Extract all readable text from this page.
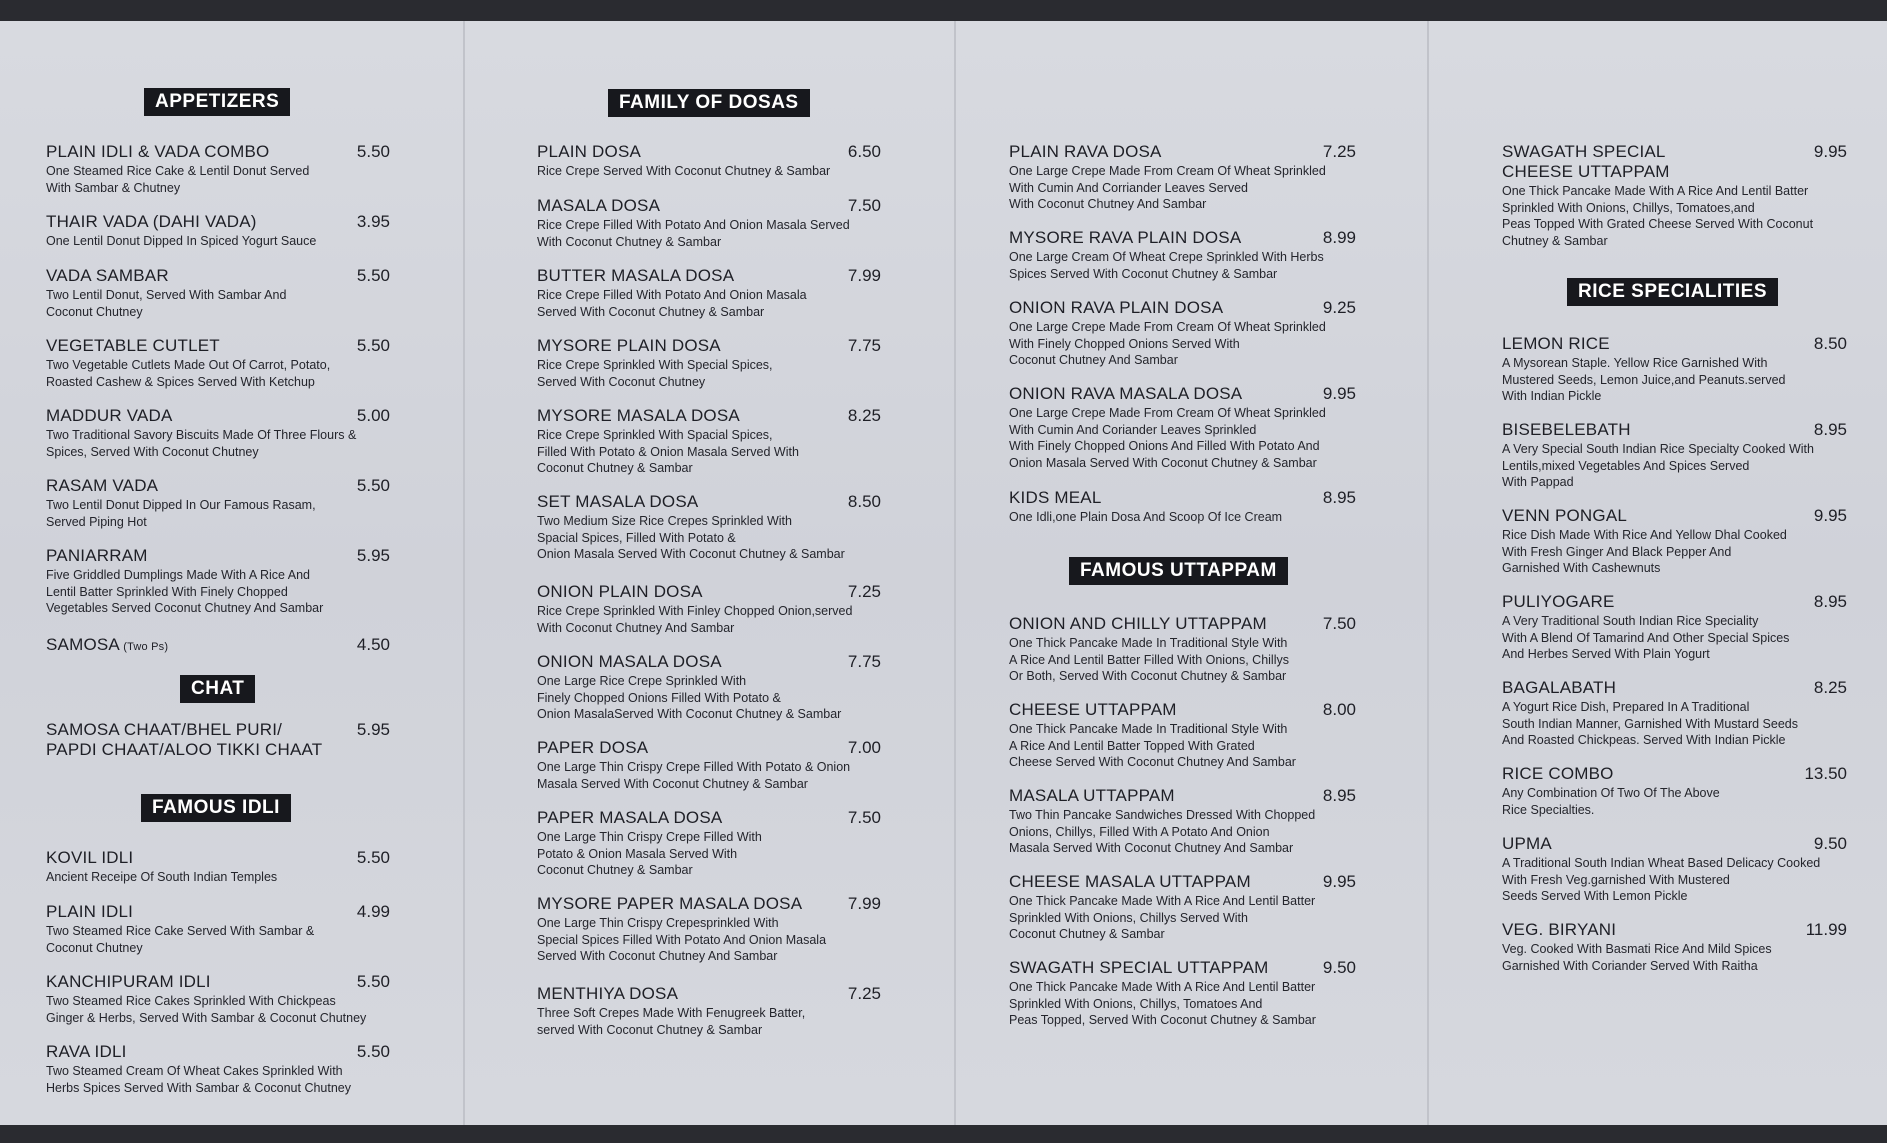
APPETIZERS
PLAIN IDLI & VADA COMBO	5.50
One Steamed Rice Cake & Lentil Donut Served
With Sambar & Chutney
THAIR VADA (DAHI VADA)	3.95
One Lentil Donut Dipped In Spiced Yogurt Sauce
VADA SAMBAR	5.50
Two Lentil Donut, Served With Sambar And
Coconut Chutney
VEGETABLE CUTLET	5.50
Two Vegetable Cutlets Made Out Of Carrot, Potato,
Roasted Cashew & Spices Served With Ketchup
MADDUR VADA	5.00
Two Traditional Savory Biscuits Made Of Three Flours &
Spices, Served With Coconut Chutney
RASAM VADA	5.50
Two Lentil Donut Dipped In Our Famous Rasam,
Served Piping Hot
PANIARRAM	5.95
Five Griddled Dumplings Made With A Rice And
Lentil Batter Sprinkled With Finely Chopped
Vegetables Served Coconut Chutney And Sambar
SAMOSA (Two Ps)	4.50
CHAT
SAMOSA CHAAT/BHEL PURI/
PAPDI CHAAT/ALOO TIKKI CHAAT
5.95
FAMOUS IDLI
KOVIL IDLI	5.50
Ancient Receipe Of South Indian Temples
PLAIN IDLI	4.99
Two Steamed Rice Cake Served With Sambar &
Coconut Chutney
KANCHIPURAM IDLI	5.50
Two Steamed Rice Cakes Sprinkled With Chickpeas
Ginger & Herbs, Served With Sambar & Coconut Chutney
RAVA IDLI	5.50
Two Steamed Cream Of Wheat Cakes Sprinkled With
Herbs Spices Served With Sambar & Coconut Chutney
FAMILY OF DOSAS
PLAIN DOSA	6.50
Rice Crepe Served With Coconut Chutney & Sambar
MASALA DOSA	7.50
Rice Crepe Filled With Potato And Onion Masala Served
With Coconut Chutney & Sambar
BUTTER MASALA DOSA	7.99
Rice Crepe Filled With Potato And Onion Masala
Served With Coconut Chutney & Sambar
MYSORE PLAIN DOSA	7.75
Rice Crepe Sprinkled With Special Spices,
Served With Coconut Chutney
MYSORE MASALA DOSA	8.25
Rice Crepe Sprinkled With Spacial Spices,
Filled With Potato & Onion Masala Served With
Coconut Chutney & Sambar
SET MASALA DOSA	8.50
Two Medium Size Rice Crepes Sprinkled With
Spacial Spices, Filled With Potato &
Onion Masala Served With Coconut Chutney & Sambar
ONION PLAIN DOSA	7.25
Rice Crepe Sprinkled With Finley Chopped Onion,served
With Coconut Chutney And Sambar
ONION MASALA DOSA	7.75
One Large Rice Crepe Sprinkled With
Finely Chopped Onions Filled With Potato &
Onion MasalaServed With Coconut Chutney & Sambar
PAPER DOSA	7.00
One Large Thin Crispy Crepe Filled With Potato & Onion
Masala Served With Coconut Chutney & Sambar
PAPER MASALA DOSA	7.50
One Large Thin Crispy Crepe Filled With
Potato & Onion Masala Served With
Coconut Chutney & Sambar
MYSORE PAPER MASALA DOSA	7.99
One Large Thin Crispy Crepesprinkled With
Special Spices Filled With Potato And Onion Masala
Served With Coconut Chutney And Sambar
MENTHIYA DOSA	7.25
Three Soft Crepes Made With Fenugreek Batter,
served With Coconut Chutney & Sambar
PLAIN RAVA DOSA	7.25
One Large Crepe Made From Cream Of Wheat Sprinkled
With Cumin And Corriander Leaves Served
With Coconut Chutney And Sambar
MYSORE RAVA PLAIN DOSA	8.99
One Large Cream Of Wheat Crepe Sprinkled With Herbs
Spices Served With Coconut Chutney & Sambar
ONION RAVA PLAIN DOSA	9.25
One Large Crepe Made From Cream Of Wheat Sprinkled
With Finely Chopped Onions Served With
Coconut Chutney And Sambar
ONION RAVA MASALA DOSA	9.95
One Large Crepe Made From Cream Of Wheat Sprinkled
With Cumin And Coriander Leaves Sprinkled
With Finely Chopped Onions And Filled With Potato And
Onion Masala Served With Coconut Chutney & Sambar
KIDS MEAL	8.95
One Idli,one Plain Dosa And Scoop Of Ice Cream
FAMOUS UTTAPPAM
ONION AND CHILLY UTTAPPAM	7.50
One Thick Pancake Made In Traditional Style With
A Rice And Lentil Batter Filled With Onions, Chillys
Or Both, Served With Coconut Chutney & Sambar
CHEESE UTTAPPAM	8.00
One Thick Pancake Made In Traditional Style With
A Rice And Lentil Batter Topped With Grated
Cheese Served With Coconut Chutney And Sambar
MASALA UTTAPPAM	8.95
Two Thin Pancake Sandwiches Dressed With Chopped
Onions, Chillys, Filled With A Potato And Onion
Masala Served With Coconut Chutney And Sambar
CHEESE MASALA UTTAPPAM	9.95
One Thick Pancake Made With A Rice And Lentil Batter
Sprinkled With Onions, Chillys Served With
Coconut Chutney & Sambar
SWAGATH SPECIAL UTTAPPAM	9.50
One Thick Pancake Made With A Rice And Lentil Batter
Sprinkled With Onions, Chillys, Tomatoes And
Peas Topped, Served With Coconut Chutney & Sambar
SWAGATH SPECIAL
CHEESE UTTAPPAM
9.95
One Thick Pancake Made With A Rice And Lentil Batter
Sprinkled With Onions, Chillys, Tomatoes,and
Peas Topped With Grated Cheese Served With Coconut
Chutney & Sambar
RICE SPECIALITIES
LEMON RICE	8.50
A Mysorean Staple. Yellow Rice Garnished With
Mustered Seeds, Lemon Juice,and Peanuts.served
With Indian Pickle
BISEBELEBATH	8.95
A Very Special South Indian Rice Specialty Cooked With
Lentils,mixed Vegetables And Spices Served
With Pappad
VENN PONGAL	9.95
Rice Dish Made With Rice And Yellow Dhal Cooked
With Fresh Ginger And Black Pepper And
Garnished With Cashewnuts
PULIYOGARE	8.95
A Very Traditional South Indian Rice Speciality
With A Blend Of Tamarind And Other Special Spices
And Herbes Served With Plain Yogurt
BAGALABATH	8.25
A Yogurt Rice Dish, Prepared In A Traditional
South Indian Manner, Garnished With Mustard Seeds
And Roasted Chickpeas. Served With Indian Pickle
RICE COMBO	13.50
Any Combination Of Two Of The Above
Rice Specialties.
UPMA	9.50
A Traditional South Indian Wheat Based Delicacy Cooked
With Fresh Veg.garnished With Mustered
Seeds Served With Lemon Pickle
VEG. BIRYANI	11.99
Veg. Cooked With Basmati Rice And Mild Spices
Garnished With Coriander Served With Raitha
